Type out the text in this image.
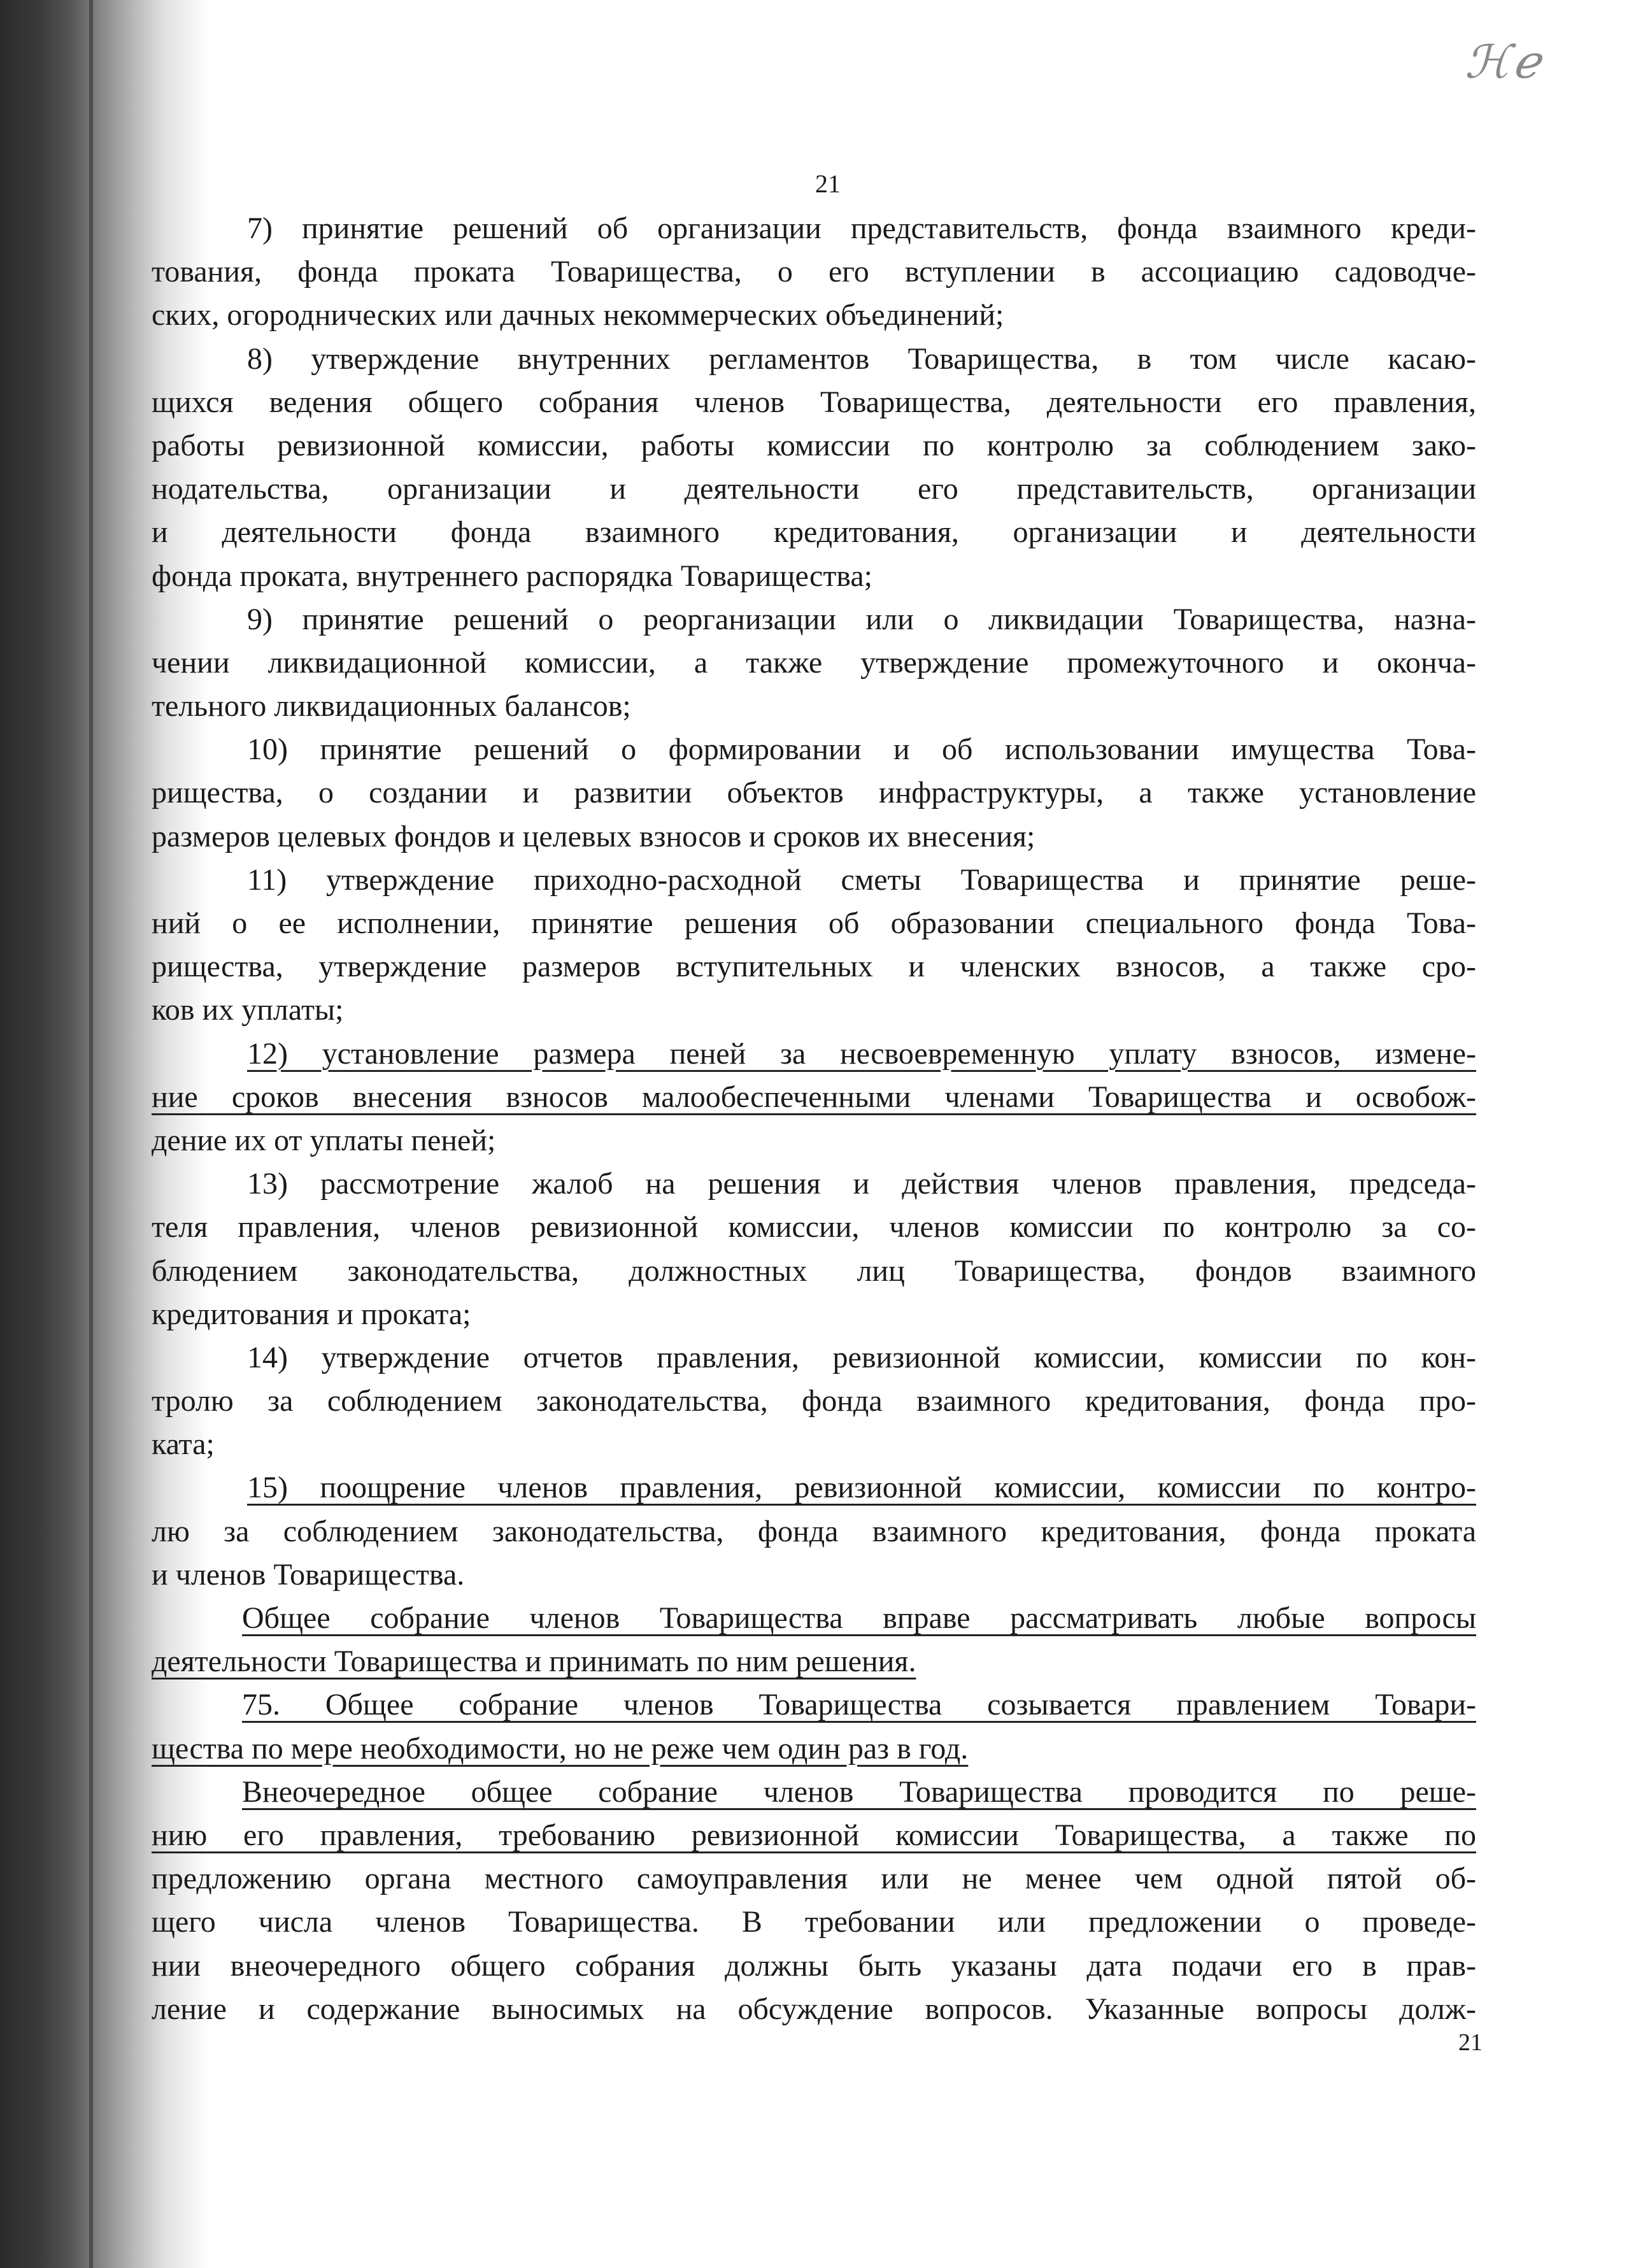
ℋℯ
21
7) принятие решений об организации представительств, фонда взаимного креди-
тования, фонда проката Товарищества, о его вступлении в ассоциацию садоводче-
ских, огороднических или дачных некоммерческих объединений;
8) утверждение внутренних регламентов Товарищества, в том числе касаю-
щихся ведения общего собрания членов Товарищества, деятельности его правления,
работы ревизионной комиссии, работы комиссии по контролю за соблюдением зако-
нодательства, организации и деятельности его представительств, организации
и деятельности фонда взаимного кредитования, организации и деятельности
фонда проката, внутреннего распорядка Товарищества;
9) принятие решений о реорганизации или о ликвидации Товарищества, назна-
чении ликвидационной комиссии, а также утверждение промежуточного и оконча-
тельного ликвидационных балансов;
10) принятие решений о формировании и об использовании имущества Това-
рищества, о создании и развитии объектов инфраструктуры, а также установление
размеров целевых фондов и целевых взносов и сроков их внесения;
11) утверждение приходно-расходной сметы Товарищества и принятие реше-
ний о ее исполнении, принятие решения об образовании специального фонда Това-
рищества, утверждение размеров вступительных и членских взносов, а также сро-
ков их уплаты;
12) установление размера пеней за несвоевременную уплату взносов, измене-
ние сроков внесения взносов малообеспеченными членами Товарищества и освобож-
дение их от уплаты пеней;
13) рассмотрение жалоб на решения и действия членов правления, председа-
теля правления, членов ревизионной комиссии, членов комиссии по контролю за со-
блюдением законодательства, должностных лиц Товарищества, фондов взаимного
кредитования и проката;
14) утверждение отчетов правления, ревизионной комиссии, комиссии по кон-
тролю за соблюдением законодательства, фонда взаимного кредитования, фонда про-
ката;
15) поощрение членов правления, ревизионной комиссии, комиссии по контро-
лю за соблюдением законодательства, фонда взаимного кредитования, фонда проката
и членов Товарищества.
Общее собрание членов Товарищества вправе рассматривать любые вопросы
деятельности Товарищества и принимать по ним решения.
75. Общее собрание членов Товарищества созывается правлением Товари-
щества по мере необходимости, но не реже чем один раз в год.
Внеочередное общее собрание членов Товарищества проводится по реше-
нию его правления, требованию ревизионной комиссии Товарищества, а также по
предложению органа местного самоуправления или не менее чем одной пятой об-
щего числа членов Товарищества. В требовании или предложении о проведе-
нии внеочередного общего собрания должны быть указаны дата подачи его в прав-
ление и содержание выносимых на обсуждение вопросов. Указанные вопросы долж-
21
